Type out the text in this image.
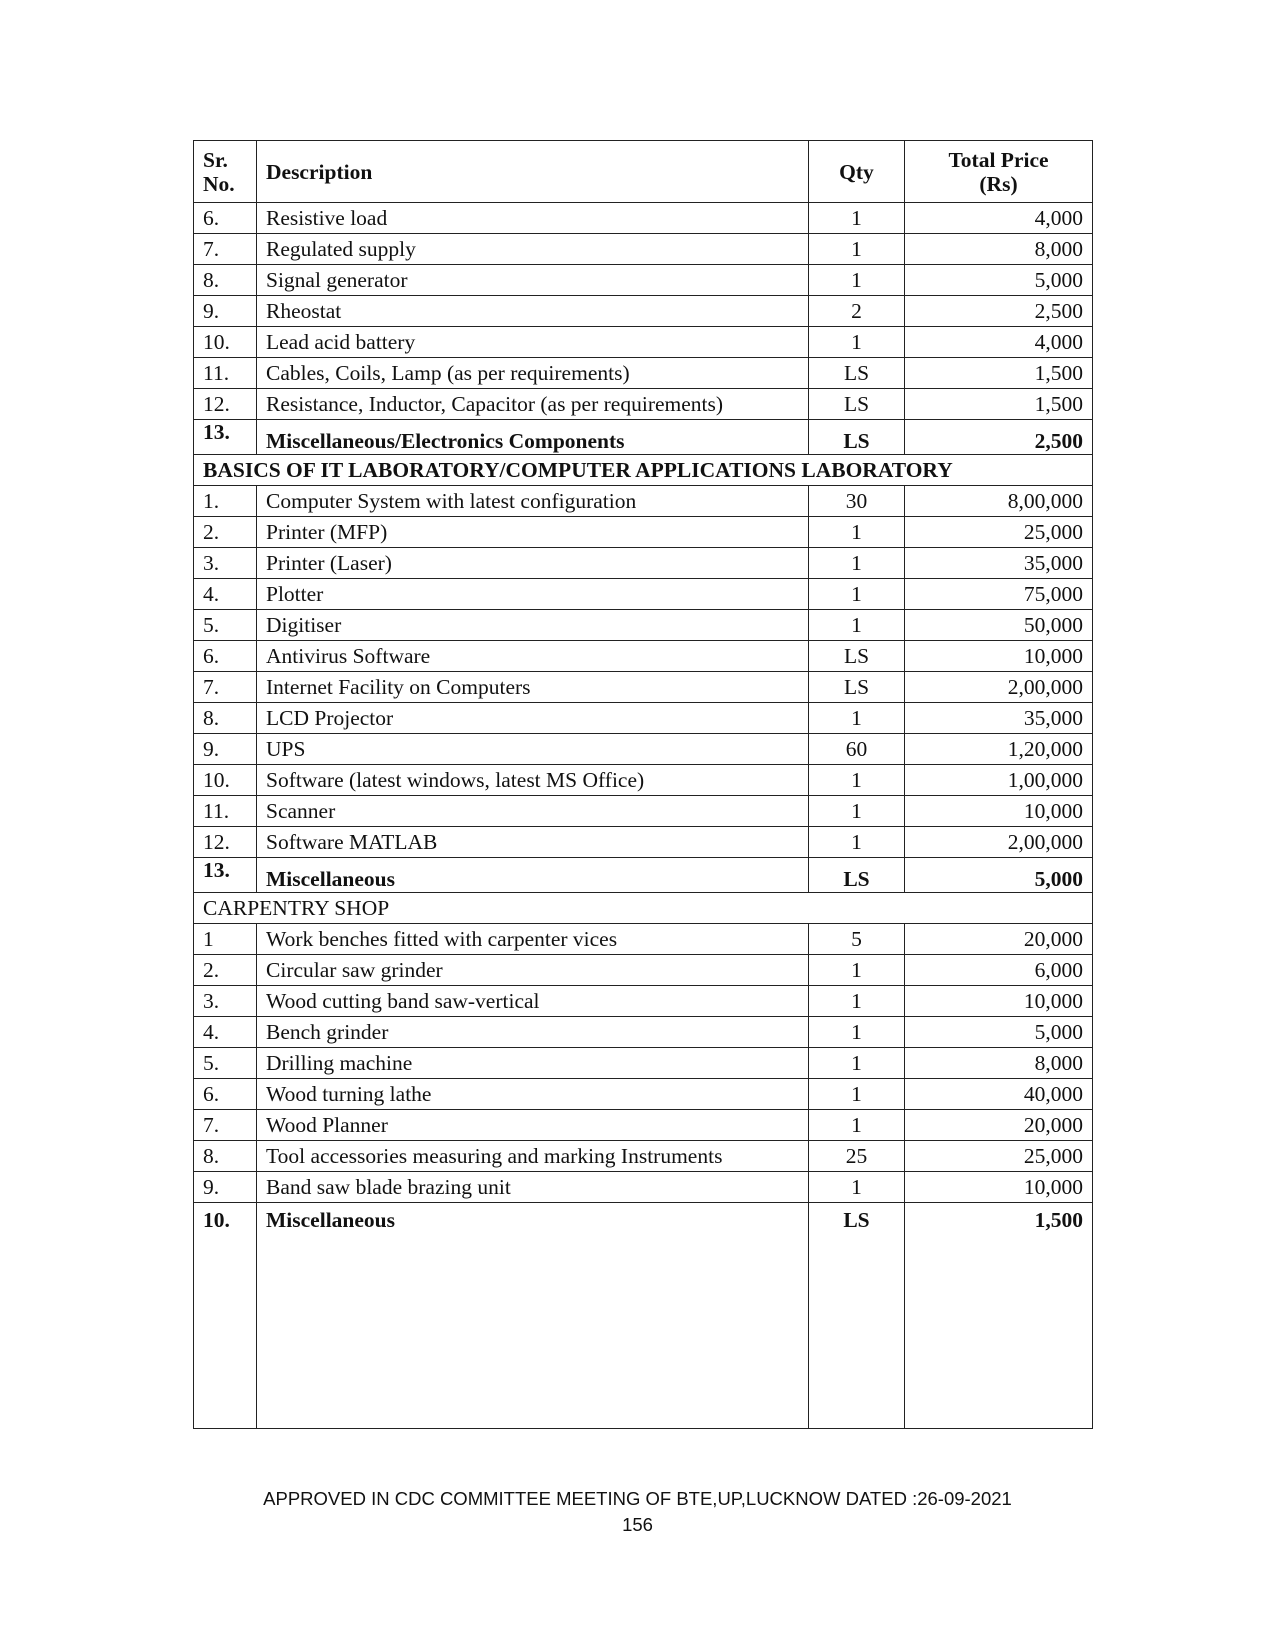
Sr.
No.	Description	Qty	Total Price
(Rs)
6.	Resistive load	1	4,000
7.	Regulated supply	1	8,000
8.	Signal generator	1	5,000
9.	Rheostat	2	2,500
10.	Lead acid battery	1	4,000
11.	Cables, Coils, Lamp (as per requirements)	LS	1,500
12.	Resistance, Inductor, Capacitor (as per requirements)	LS	1,500
13.	Miscellaneous/Electronics Components	LS	2,500
BASICS OF IT LABORATORY/COMPUTER APPLICATIONS LABORATORY			
1.	Computer System with latest configuration	30	8,00,000
2.	Printer (MFP)	1	25,000
3.	Printer (Laser)	1	35,000
4.	Plotter	1	75,000
5.	Digitiser	1	50,000
6.	Antivirus Software	LS	10,000
7.	Internet Facility on Computers	LS	2,00,000
8.	LCD Projector	1	35,000
9.	UPS	60	1,20,000
10.	Software (latest windows, latest MS Office)	1	1,00,000
11.	Scanner	1	10,000
12.	Software MATLAB	1	2,00,000
13.	Miscellaneous	LS	5,000
CARPENTRY SHOP			
1	Work benches fitted with carpenter vices	5	20,000
2.	Circular saw grinder	1	6,000
3.	Wood cutting band saw-vertical	1	10,000
4.	Bench grinder	1	5,000
5.	Drilling machine	1	8,000
6.	Wood turning lathe	1	40,000
7.	Wood Planner	1	20,000
8.	Tool accessories measuring and marking Instruments	25	25,000
9.	Band saw blade brazing unit	1	10,000
10.	Miscellaneous	LS	1,500
APPROVED IN CDC COMMITTEE MEETING OF BTE,UP,LUCKNOW DATED :26-09-2021
156
